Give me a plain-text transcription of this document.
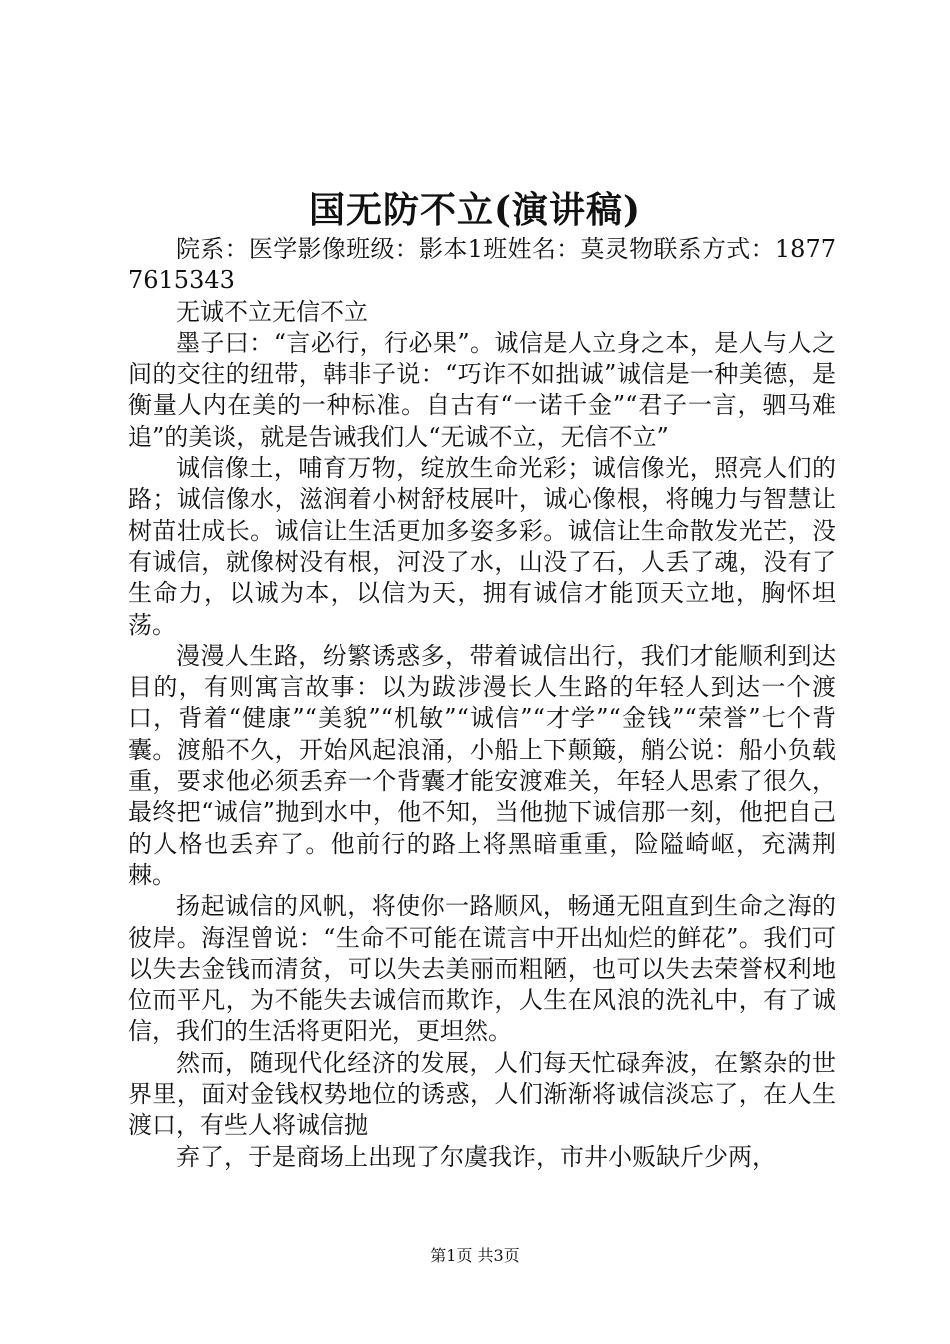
国无防不立(演讲稿)

院系：医学影像班级：影本1班姓名：莫灵物联系方式：18777615343

无诚不立无信不立

墨子曰：“言必行，行必果”。诚信是人立身之本，是人与人之间的交往的纽带，韩非子说：“巧诈不如拙诚”诚信是一种美德，是衡量人内在美的一种标准。自古有“一诺千金”“君子一言，驷马难追”的美谈，就是告诫我们人“无诚不立，无信不立”

诚信像土，哺育万物，绽放生命光彩；诚信像光，照亮人们的路；诚信像水，滋润着小树舒枝展叶，诚心像根，将魄力与智慧让树苗壮成长。诚信让生活更加多姿多彩。诚信让生命散发光芒，没有诚信，就像树没有根，河没了水，山没了石，人丢了魂，没有了生命力，以诚为本，以信为天，拥有诚信才能顶天立地，胸怀坦荡。

漫漫人生路，纷繁诱惑多，带着诚信出行，我们才能顺利到达目的，有则寓言故事：以为跋涉漫长人生路的年轻人到达一个渡口，背着“健康”“美貌”“机敏”“诚信”“才学”“金钱”“荣誉”七个背囊。渡船不久，开始风起浪涌，小船上下颠簸，艄公说：船小负载重，要求他必须丢弃一个背囊才能安渡难关，年轻人思索了很久，最终把“诚信”抛到水中，他不知，当他抛下诚信那一刻，他把自己的人格也丢弃了。他前行的路上将黑暗重重，险隘崎岖，充满荆棘。

扬起诚信的风帆，将使你一路顺风，畅通无阻直到生命之海的彼岸。海涅曾说：“生命不可能在谎言中开出灿烂的鲜花”。我们可以失去金钱而清贫，可以失去美丽而粗陋，也可以失去荣誉权利地位而平凡，为不能失去诚信而欺诈，人生在风浪的洗礼中，有了诚信，我们的生活将更阳光，更坦然。

然而，随现代化经济的发展，人们每天忙碌奔波，在繁杂的世界里，面对金钱权势地位的诱惑，人们渐渐将诚信淡忘了，在人生渡口，有些人将诚信抛

弃了，于是商场上出现了尔虞我诈，市井小贩缺斤少两，

第1页 共3页
